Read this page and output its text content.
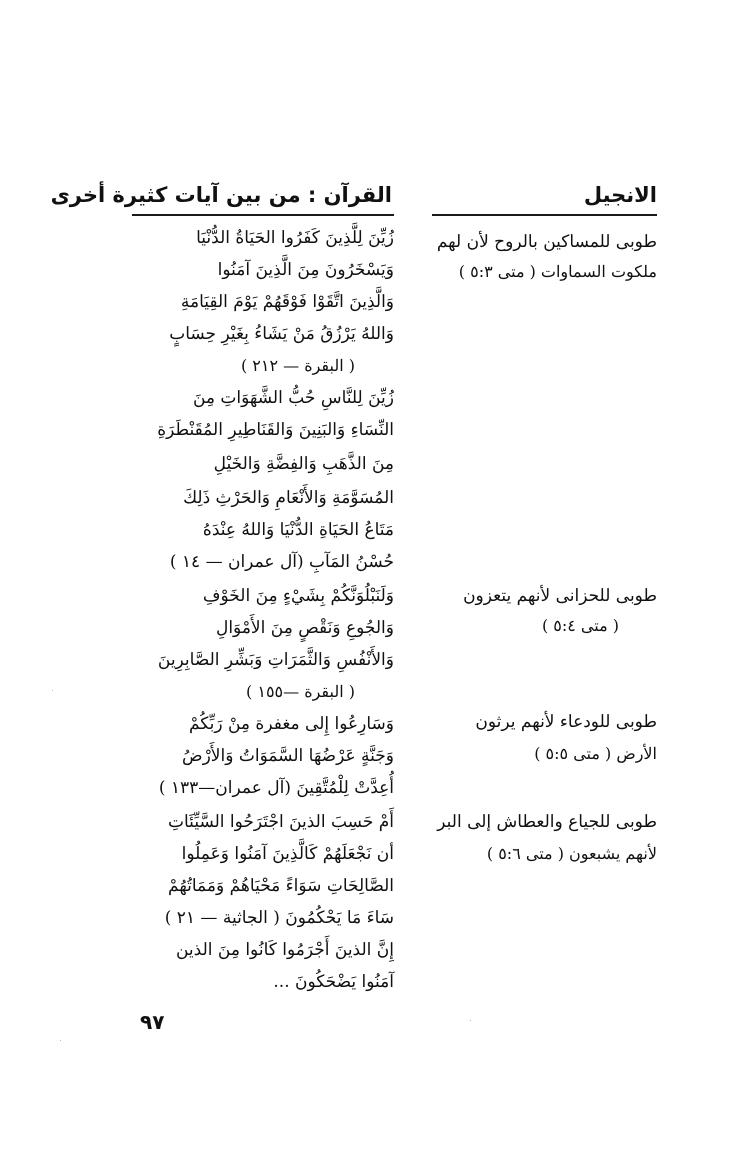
الانجيل
القرآن : من بين آيات كثيرة أخرى
طوبى للمساكين بالروح لأن لهم
ملكوت السماوات ( متى ٥:٣ )
طوبى للحزانى لأنهم يتعزون
( متى ٥:٤ )
طوبى للودعاء لأنهم يرثون
الأرض ( متى ٥:٥ )
طوبى للجياع والعطاش إلى البر
لأنهم يشبعون ( متى ٥:٦ )
زُيِّنَ لِلَّذِينَ كَفَرُوا الحَيَاةُ الدُّنْيَا
وَيَسْخَرُونَ مِنَ الَّذِينَ آمَنُوا
وَالَّذِينَ اتَّقَوْا فَوْقَهُمْ يَوْمَ القِيَامَةِ
وَاللهُ يَرْزُقُ مَنْ يَشَاءُ بِغَيْرِ حِسَابٍ
( البقرة — ٢١٢ )
زُيِّنَ لِلنَّاسِ حُبُّ الشَّهَوَاتِ مِنَ
النِّسَاءِ وَالبَنِينَ وَالقَنَاطِيرِ المُقَنْطَرَةِ
مِنَ الذَّهَبِ وَالفِضَّةِ وَالخَيْلِ
المُسَوَّمَةِ وَالأَنْعَامِ وَالحَرْثِ ذَلِكَ
مَتَاعُ الحَيَاةِ الدُّنْيَا وَاللهُ عِنْدَهُ
حُسْنُ المَآبِ (آل عمران — ١٤ )
وَلَنَبْلُوَنَّكُمْ بِشَيْءٍ مِنَ الخَوْفِ
وَالجُوعِ وَنَقْصٍ مِنَ الأَمْوَالِ
وَالأَنْفُسِ وَالثَّمَرَاتِ وَبَشِّرِ الصَّابِرِينَ
( البقرة —١٥٥ )
وَسَارِعُوا إِلى مغفرة مِنْ رَبِّكُمْ
وَجَنَّةٍ عَرْضُهَا السَّمَوَاتُ وَالأَرْضُ
أُعِدَّتْ لِلْمُتَّقِينَ (آل عمران—١٣٣ )
أَمْ حَسِبَ الذينَ اجْتَرَحُوا السَّيِّئَاتِ
أن نَجْعَلَهُمْ كَالَّذِينَ آمَنُوا وَعَمِلُوا
الصَّالِحَاتِ سَوَاءً مَحْيَاهُمْ وَمَمَاتُهُمْ
سَاءَ مَا يَحْكُمُونَ ( الجاثية — ٢١ )
إِنَّ الذينَ أَجْرَمُوا كَانُوا مِنَ الذين
آمَنُوا يَضْحَكُونَ ...
٩٧
